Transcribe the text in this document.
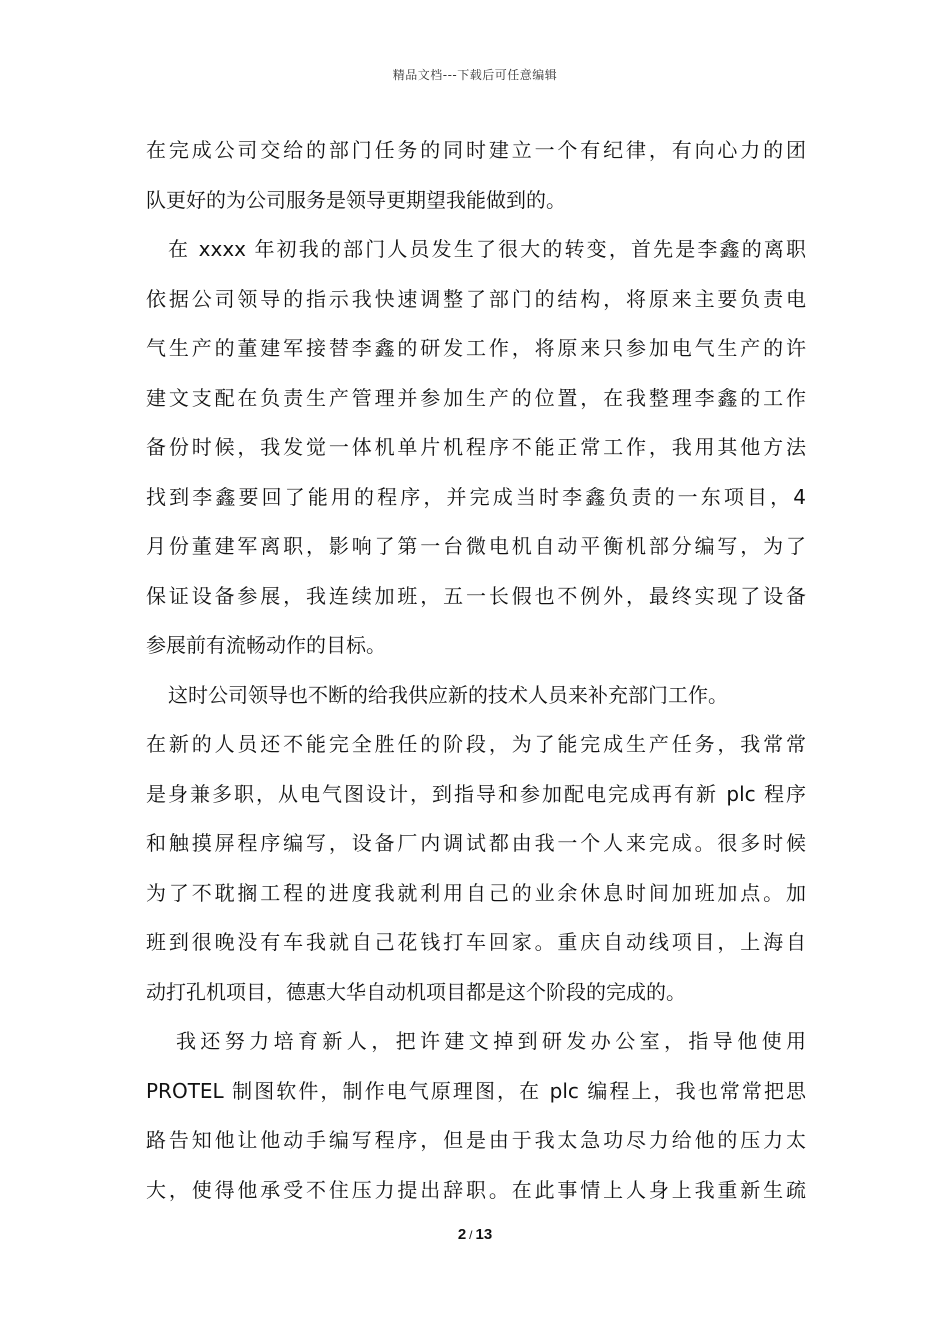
精品文档---下载后可任意编辑

在完成公司交给的部门任务的同时建立一个有纪律，有向心力的团
队更好的为公司服务是领导更期望我能做到的。

在 xxxx 年初我的部门人员发生了很大的转变，首先是李鑫的离职
依据公司领导的指示我快速调整了部门的结构，将原来主要负责电
气生产的董建军接替李鑫的研发工作，将原来只参加电气生产的许
建文支配在负责生产管理并参加生产的位置，在我整理李鑫的工作
备份时候，我发觉一体机单片机程序不能正常工作，我用其他方法
找到李鑫要回了能用的程序，并完成当时李鑫负责的一东项目，4
月份董建军离职，影响了第一台微电机自动平衡机部分编写，为了
保证设备参展，我连续加班，五一长假也不例外，最终实现了设备
参展前有流畅动作的目标。

这时公司领导也不断的给我供应新的技术人员来补充部门工作。
在新的人员还不能完全胜任的阶段，为了能完成生产任务，我常常
是身兼多职，从电气图设计，到指导和参加配电完成再有新 plc 程序
和触摸屏程序编写，设备厂内调试都由我一个人来完成。很多时候
为了不耽搁工程的进度我就利用自己的业余休息时间加班加点。加
班到很晚没有车我就自己花钱打车回家。重庆自动线项目，上海自
动打孔机项目，德惠大华自动机项目都是这个阶段的完成的。

我还努力培育新人，把许建文掉到研发办公室，指导他使用
PROTEL 制图软件，制作电气原理图，在 plc 编程上，我也常常把思
路告知他让他动手编写程序，但是由于我太急功尽力给他的压力太
大，使得他承受不住压力提出辞职。在此事情上人身上我重新生疏

2 / 13
